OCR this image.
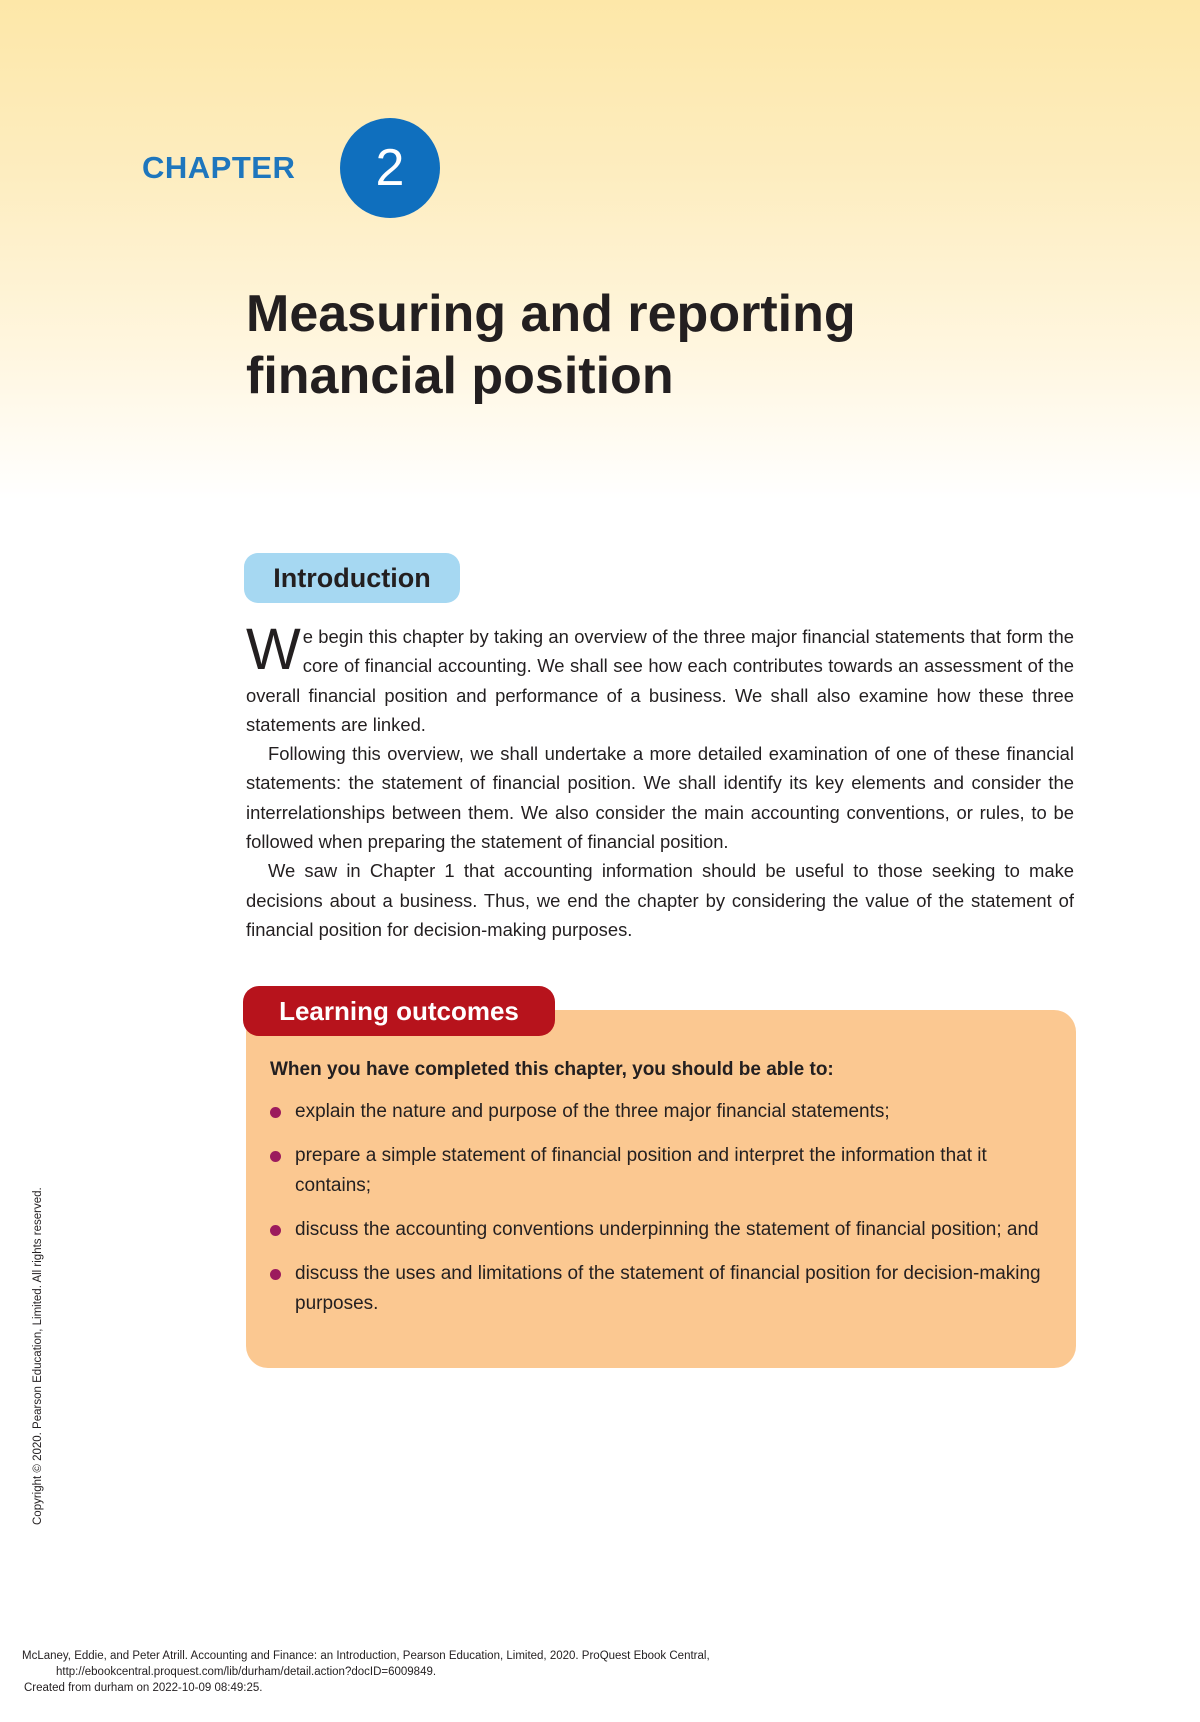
CHAPTER	2
Measuring and reporting
financial position
Introduction

We begin this chapter by taking an overview of the three major financial statements that form the core of financial accounting. We shall see how each contributes towards an assessment of the overall financial position and performance of a business. We shall also examine how these three statements are linked.

Following this overview, we shall undertake a more detailed examination of one of these financial statements: the statement of financial position. We shall identify its key elements and consider the interrelationships between them. We also consider the main accounting conventions, or rules, to be followed when preparing the statement of financial position.

We saw in Chapter 1 that accounting information should be useful to those seeking to make decisions about a business. Thus, we end the chapter by considering the value of the statement of financial position for decision-making purposes.

Learning outcomes
When you have completed this chapter, you should be able to:
explain the nature and purpose of the three major financial statements;
prepare a simple statement of financial position and interpret the information that it contains;
discuss the accounting conventions underpinning the statement of financial position; and
discuss the uses and limitations of the statement of financial position for decision-making purposes.
Copyright © 2020. Pearson Education, Limited. All rights reserved.
McLaney, Eddie, and Peter Atrill. Accounting and Finance: an Introduction, Pearson Education, Limited, 2020. ProQuest Ebook Central,
http://ebookcentral.proquest.com/lib/durham/detail.action?docID=6009849.
Created from durham on 2022-10-09 08:49:25.
